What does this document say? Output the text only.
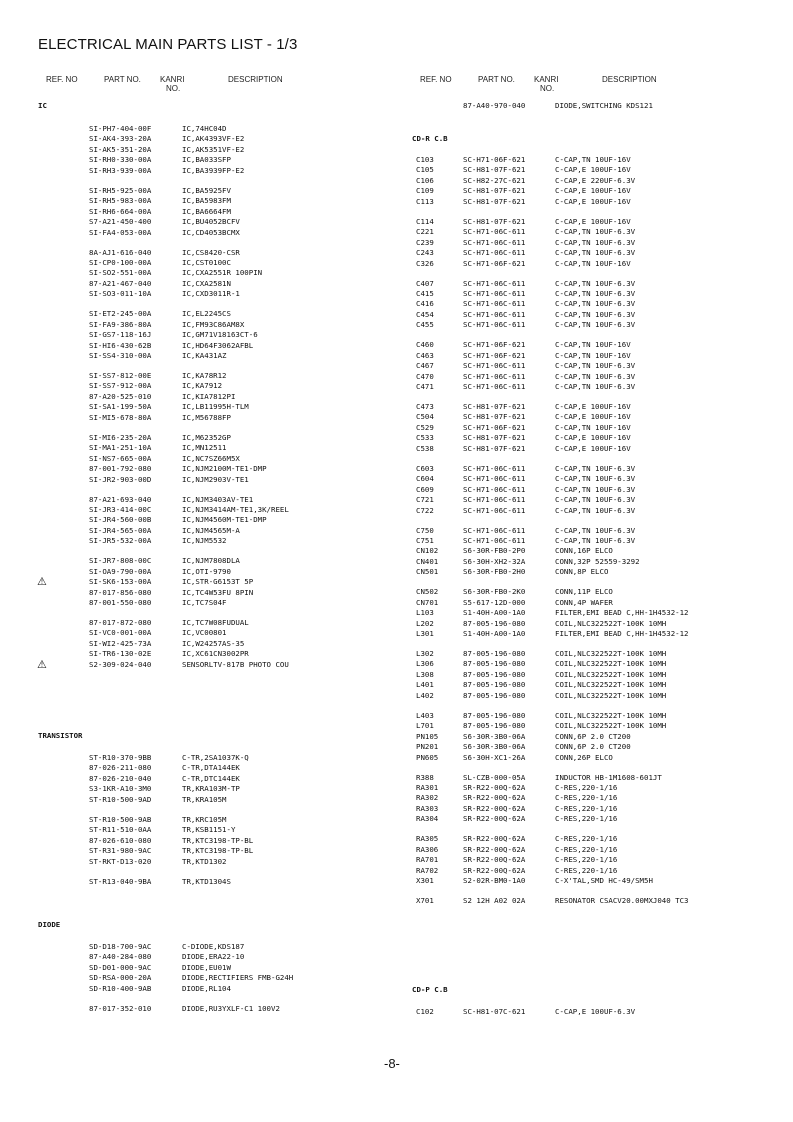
ELECTRICAL MAIN PARTS LIST - 1/3
REF. NO	PART NO. KANRI
NO.
DESCRIPTION	REF. NO	PART NO. KANRI
NO.
DESCRIPTION
IC
SI-PH7-404-00F	IC,74HC04D
SI-AK4-393-20A	IC,AK4393VF-E2
SI-AK5-351-20A	IC,AK5351VF-E2
SI-RH0-330-00A	IC,BA033SFP
SI-RH3-939-00A	IC,BA3939FP-E2
SI-RH5-925-00A	IC,BA5925FV
SI-RH5-983-00A	IC,BA5983FM
SI-RH6-664-00A	IC,BA6664FM
S7-A21-450-400	IC,BU4052BCFV
SI-FA4-053-00A	IC,CD4053BCMX
8A-AJ1-616-040	IC,CS8420-CSR
SI-CP0-100-00A	IC,CST0100C
SI-SO2-551-00A	IC,CXA2551R 100PIN
87-A21-467-040	IC,CXA2581N
SI-SO3-011-10A	IC,CXD3011R-1
SI-ET2-245-00A	IC,EL2245CS
SI-FA9-386-80A	IC,FM93C86AM8X
SI-GS7-118-16J	IC,GM71V18163CT-6
SI-HI6-430-62B	IC,HD64F3062AFBL
SI-SS4-310-00A	IC,KA431AZ
SI-SS7-812-00E	IC,KA78R12
SI-SS7-912-00A	IC,KA7912
87-A20-525-010	IC,KIA7812PI
SI-SA1-199-50A	IC,LB11995H-TLM
SI-MI5-678-80A	IC,M56788FP
SI-MI6-235-20A	IC,M62352GP
SI-MA1-251-10A	IC,MN12511
SI-NS7-665-00A	IC,NC7SZ66M5X
87-001-792-080	IC,NJM2100M-TE1-DMP
SI-JR2-903-00D	IC,NJM2903V-TE1
87-A21-693-040	IC,NJM3403AV-TE1
SI-JR3-414-00C	IC,NJM3414AM-TE1,3K/REEL
SI-JR4-560-00B	IC,NJM4560M-TE1-DMP
SI-JR4-565-00A	IC,NJM4565M-A
SI-JR5-532-00A	IC,NJM5532
SI-JR7-808-00C	IC,NJM7808DLA
SI-OA9-790-00A	IC,OTI-9790
SI-SK6-153-00A	IC,STR-G6153T 5P
⚠
87-017-856-080	IC,TC4W53FU 8PIN
87-001-550-080	IC,TC7S04F
87-017-872-080	IC,TC7W08FUDUAL
SI-VC0-001-00A	IC,VC00801
SI-WI2-425-73A	IC,W24257AS-35
SI-TR6-130-02E	IC,XC61CN3002PR
S2-309-024-040	SENSORLTV-817B PHOTO COU
⚠
TRANSISTOR
ST-R10-370-9BB	C-TR,2SA1037K-Q
87-026-211-080	C-TR,DTA144EK
87-026-210-040	C-TR,DTC144EK
S3-1KR-A10-3M0	TR,KRA103M-TP
ST-R10-500-9AD	TR,KRA105M
ST-R10-500-9AB	TR,KRC105M
ST-R11-510-0AA	TR,KSB1151-Y
87-026-610-080	TR,KTC3198-TP-BL
ST-R31-980-9AC	TR,KTC3198-TP-BL
ST-RKT-D13-020	TR,KTD1302
ST-R13-040-9BA	TR,KTD1304S
DIODE
SD-D18-700-9AC	C-DIODE,KDS187
87-A40-284-080	DIODE,ERA22-10
SD-D01-000-9AC	DIODE,EU01W
SD-RSA-000-20A	DIODE,RECTIFIERS FMB-G24H
SD-R10-400-9AB	DIODE,RL104
87-017-352-010	DIODE,RU3YXLF-C1 100V2
87-A40-970-040	DIODE,SWITCHING KDS121
CD-R C.B
C103	SC-H71-06F-621	C-CAP,TN 10UF-16V
C105	SC-H81-07F-621	C-CAP,E 100UF-16V
C106	SC-H82-27C-621	C-CAP,E 220UF-6.3V
C109	SC-H81-07F-621	C-CAP,E 100UF-16V
C113	SC-H81-07F-621	C-CAP,E 100UF-16V
C114	SC-H81-07F-621	C-CAP,E 100UF-16V
C221	SC-H71-06C-611	C-CAP,TN 10UF-6.3V
C239	SC-H71-06C-611	C-CAP,TN 10UF-6.3V
C243	SC-H71-06C-611	C-CAP,TN 10UF-6.3V
C326	SC-H71-06F-621	C-CAP,TN 10UF-16V
C407	SC-H71-06C-611	C-CAP,TN 10UF-6.3V
C415	SC-H71-06C-611	C-CAP,TN 10UF-6.3V
C416	SC-H71-06C-611	C-CAP,TN 10UF-6.3V
C454	SC-H71-06C-611	C-CAP,TN 10UF-6.3V
C455	SC-H71-06C-611	C-CAP,TN 10UF-6.3V
C460	SC-H71-06F-621	C-CAP,TN 10UF-16V
C463	SC-H71-06F-621	C-CAP,TN 10UF-16V
C467	SC-H71-06C-611	C-CAP,TN 10UF-6.3V
C470	SC-H71-06C-611	C-CAP,TN 10UF-6.3V
C471	SC-H71-06C-611	C-CAP,TN 10UF-6.3V
C473	SC-H81-07F-621	C-CAP,E 100UF-16V
C504	SC-H81-07F-621	C-CAP,E 100UF-16V
C529	SC-H71-06F-621	C-CAP,TN 10UF-16V
C533	SC-H81-07F-621	C-CAP,E 100UF-16V
C538	SC-H81-07F-621	C-CAP,E 100UF-16V
C603	SC-H71-06C-611	C-CAP,TN 10UF-6.3V
C604	SC-H71-06C-611	C-CAP,TN 10UF-6.3V
C609	SC-H71-06C-611	C-CAP,TN 10UF-6.3V
C721	SC-H71-06C-611	C-CAP,TN 10UF-6.3V
C722	SC-H71-06C-611	C-CAP,TN 10UF-6.3V
C750	SC-H71-06C-611	C-CAP,TN 10UF-6.3V
C751	SC-H71-06C-611	C-CAP,TN 10UF-6.3V
CN102	S6-30R-FB0-2P0	CONN,16P ELCO
CN401	S6-30H-XH2-32A	CONN,32P 52559-3292
CN501	S6-30R-FB0-2H0	CONN,8P ELCO
CN502	S6-30R-FB0-2K0	CONN,11P ELCO
CN701	S5-617-12D-000	CONN,4P WAFER
L103	S1-40H-A00-1A0	FILTER,EMI BEAD C,HH-1H4532-12
L202	87-005-196-080	COIL,NLC322522T-100K 10MH
L301	S1-40H-A00-1A0	FILTER,EMI BEAD C,HH-1H4532-12
L302	87-005-196-080	COIL,NLC322522T-100K 10MH
L306	87-005-196-080	COIL,NLC322522T-100K 10MH
L308	87-005-196-080	COIL,NLC322522T-100K 10MH
L401	87-005-196-080	COIL,NLC322522T-100K 10MH
L402	87-005-196-080	COIL,NLC322522T-100K 10MH
L403	87-005-196-080	COIL,NLC322522T-100K 10MH
L701	87-005-196-080	COIL,NLC322522T-100K 10MH
PN105	S6-30R-3B0-06A	CONN,6P 2.0 CT200
PN201	S6-30R-3B0-06A	CONN,6P 2.0 CT200
PN605	S6-30H-XC1-26A	CONN,26P ELCO
R388	SL-CZB-000-05A	INDUCTOR HB-1M1608-601JT
RA301	SR-R22-00Q-62A	C-RES,220-1/16
RA302	SR-R22-00Q-62A	C-RES,220-1/16
RA303	SR-R22-00Q-62A	C-RES,220-1/16
RA304	SR-R22-00Q-62A	C-RES,220-1/16
RA305	SR-R22-00Q-62A	C-RES,220-1/16
RA306	SR-R22-00Q-62A	C-RES,220-1/16
RA701	SR-R22-00Q-62A	C-RES,220-1/16
RA702	SR-R22-00Q-62A	C-RES,220-1/16
X301	S2-02R-BM0-1A0	C-X'TAL,SMD HC-49/SM5H
X701	S2 12H A02 02A	RESONATOR CSACV20.00MXJ040 TC3
CD-P C.B
C102	SC-H81-07C-621	C-CAP,E 100UF-6.3V
-8-
